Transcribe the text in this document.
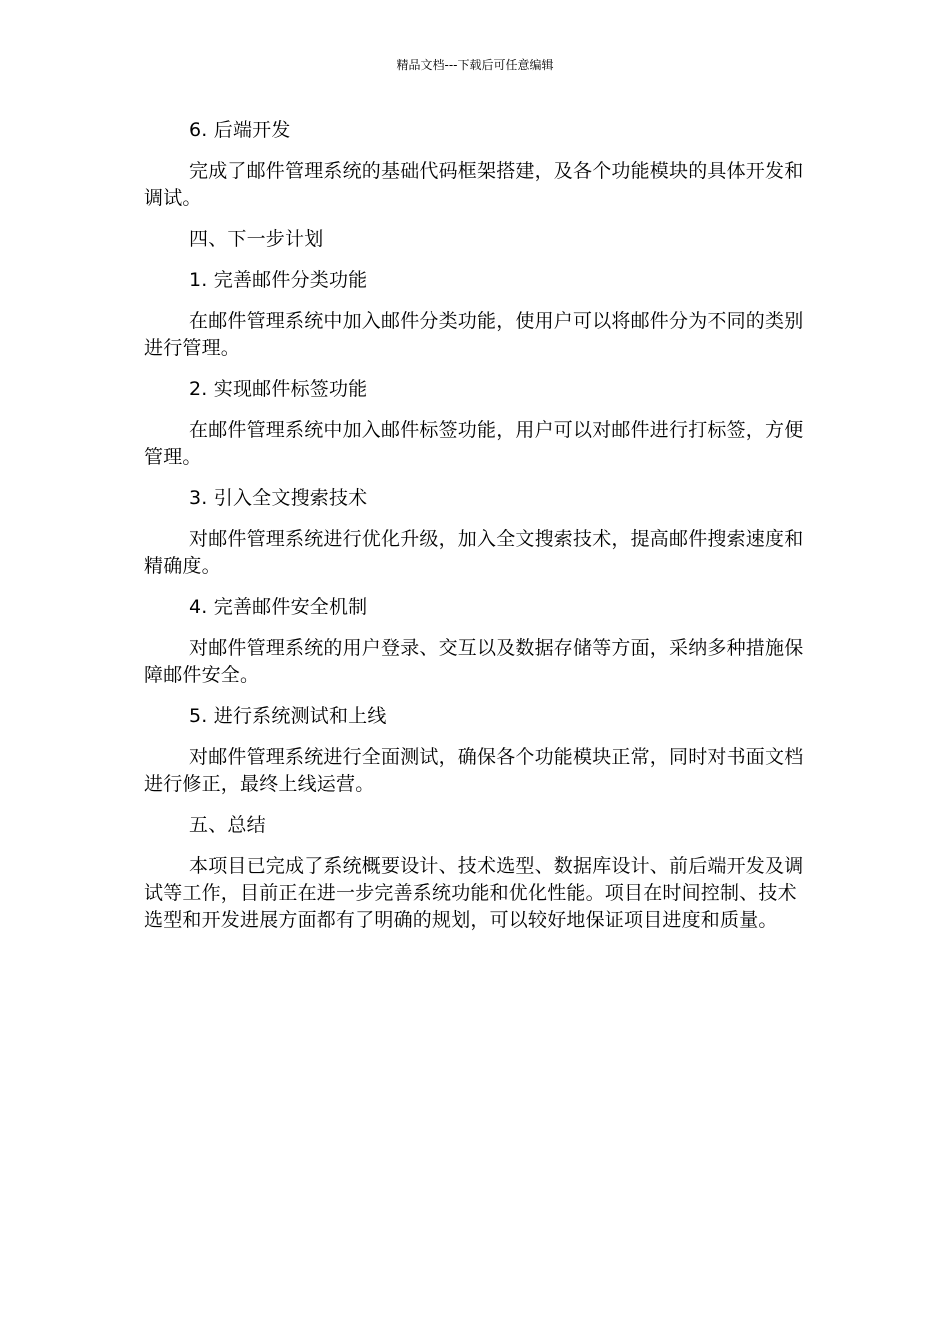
精品文档---下载后可任意编辑

6. 后端开发

完成了邮件管理系统的基础代码框架搭建，及各个功能模块的具体开发和调试。

四、下一步计划

1. 完善邮件分类功能

在邮件管理系统中加入邮件分类功能，使用户可以将邮件分为不同的类别进行管理。

2. 实现邮件标签功能

在邮件管理系统中加入邮件标签功能，用户可以对邮件进行打标签，方便管理。

3. 引入全文搜索技术

对邮件管理系统进行优化升级，加入全文搜索技术，提高邮件搜索速度和精确度。

4. 完善邮件安全机制

对邮件管理系统的用户登录、交互以及数据存储等方面，采纳多种措施保障邮件安全。

5. 进行系统测试和上线

对邮件管理系统进行全面测试，确保各个功能模块正常，同时对书面文档进行修正，最终上线运营。

五、总结

本项目已完成了系统概要设计、技术选型、数据库设计、前后端开发及调试等工作，目前正在进一步完善系统功能和优化性能。项目在时间控制、技术选型和开发进展方面都有了明确的规划，可以较好地保证项目进度和质量。
